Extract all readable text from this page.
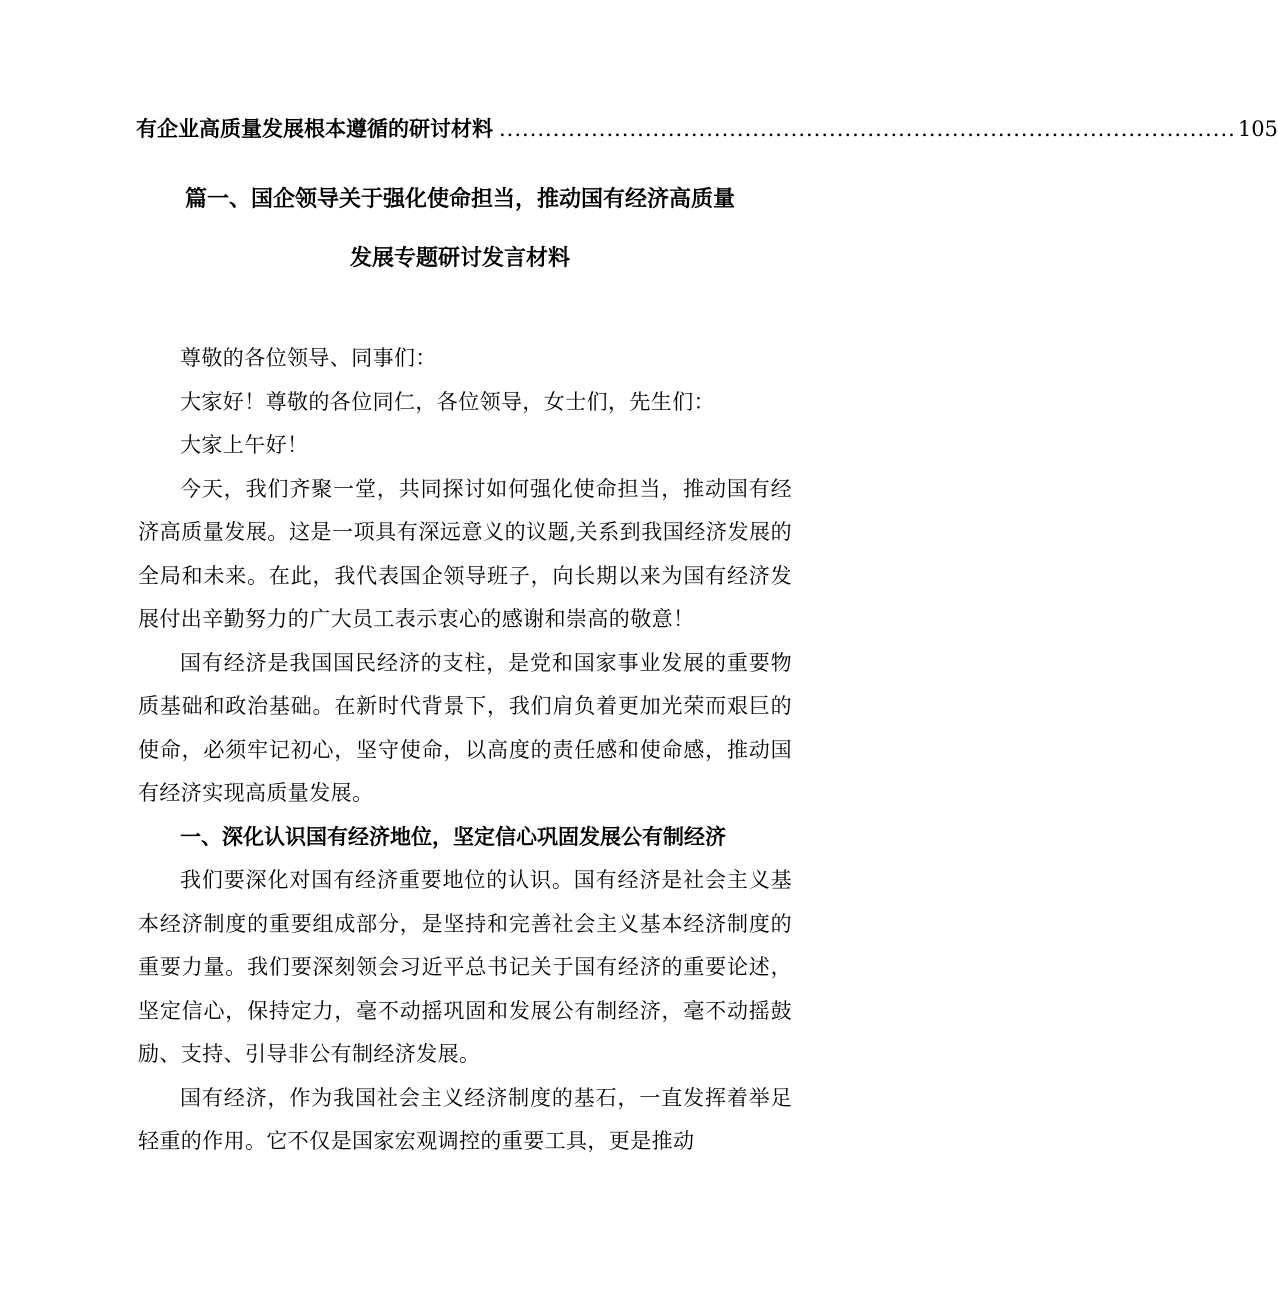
有企业高质量发展根本遵循的研讨材料 ................................................................................................ 105
篇一、国企领导关于强化使命担当，推动国有经济高质量
发展专题研讨发言材料

尊敬的各位领导、同事们：

大家好！尊敬的各位同仁，各位领导，女士们，先生们：

大家上午好！

今天，我们齐聚一堂，共同探讨如何强化使命担当，推动国有经济高质量发展。这是一项具有深远意义的议题,关系到我国经济发展的全局和未来。在此，我代表国企领导班子，向长期以来为国有经济发展付出辛勤努力的广大员工表示衷心的感谢和崇高的敬意！

国有经济是我国国民经济的支柱，是党和国家事业发展的重要物质基础和政治基础。在新时代背景下，我们肩负着更加光荣而艰巨的使命，必须牢记初心，坚守使命，以高度的责任感和使命感，推动国有经济实现高质量发展。

一、深化认识国有经济地位，坚定信心巩固发展公有制经济

我们要深化对国有经济重要地位的认识。国有经济是社会主义基本经济制度的重要组成部分，是坚持和完善社会主义基本经济制度的重要力量。我们要深刻领会习近平总书记关于国有经济的重要论述，坚定信心，保持定力，毫不动摇巩固和发展公有制经济，毫不动摇鼓励、支持、引导非公有制经济发展。

国有经济，作为我国社会主义经济制度的基石，一直发挥着举足轻重的作用。它不仅是国家宏观调控的重要工具，更是推动
